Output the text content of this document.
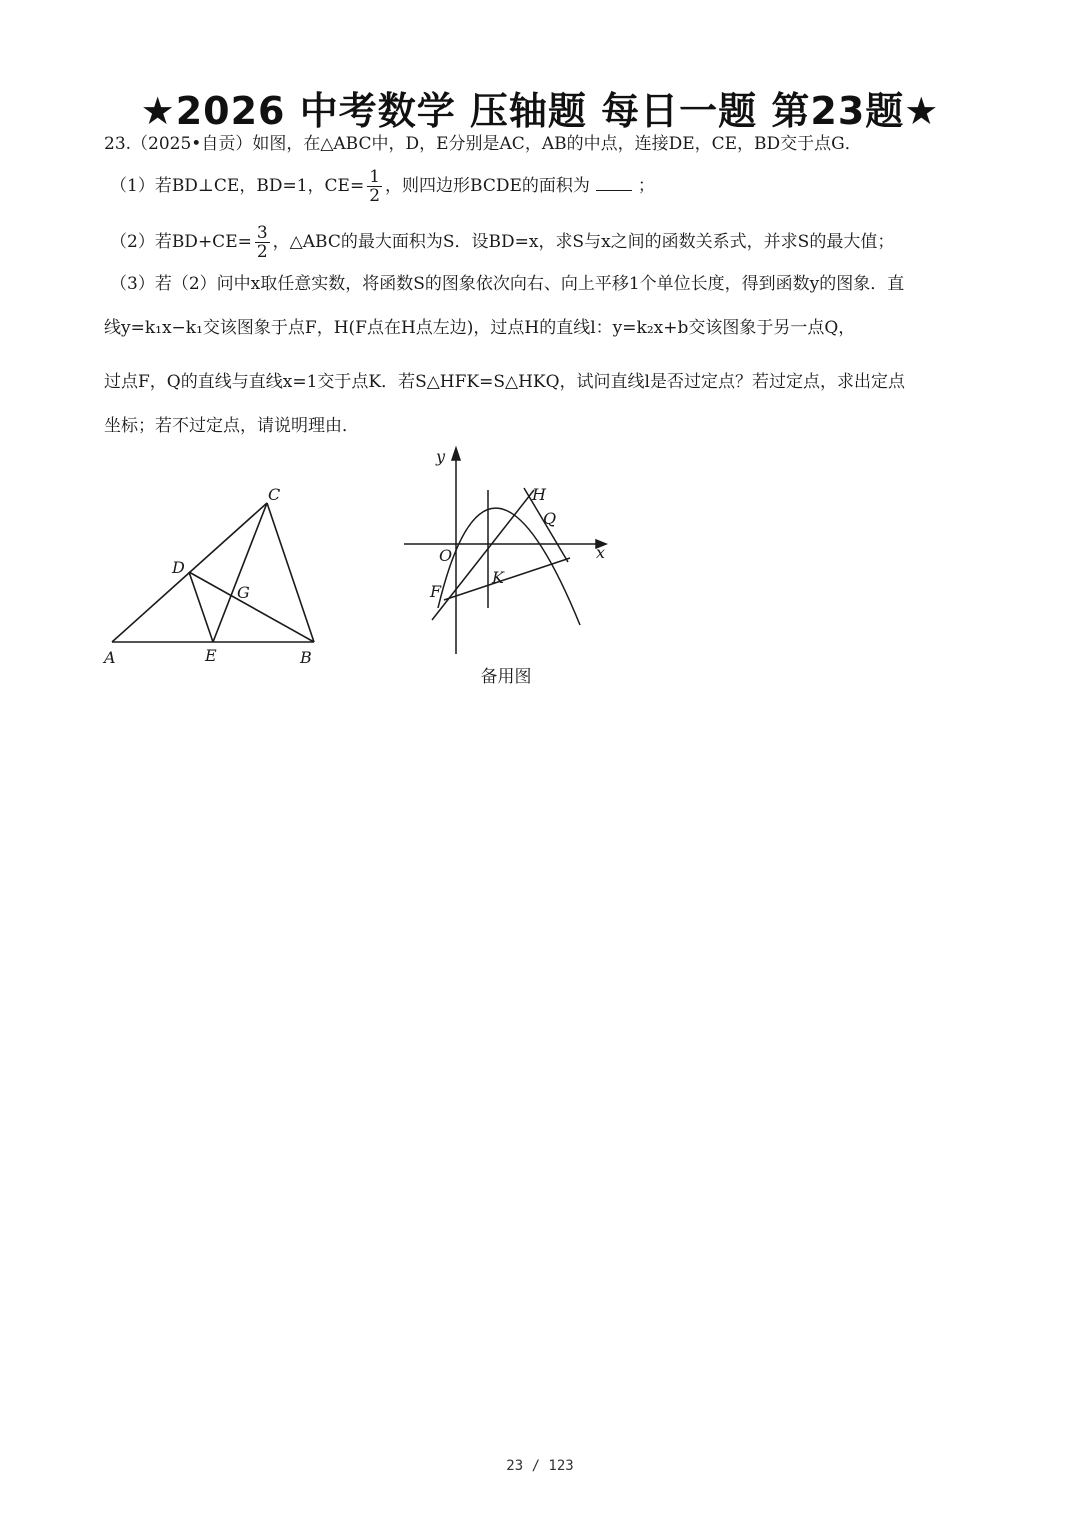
★2026 中考数学 压轴题 每日一题 第23题★
23.（2025•自贡）如图，在△ABC中，D，E分别是AC，AB的中点，连接DE，CE，BD交于点G．
（1）若BD⊥CE，BD=1，$CE= \frac{1}{2}$ ，则四边形BCDE的面积为	；
（2）若$BD+CE= \frac{3}{2}$ ，△ABC的最大面积为S．设BD=x，求S与x之间的函数关系式，并求S的最大值；
（3）若（2）问中x取任意实数，将函数S的图象依次向右、向上平移1个单位长度，得到函数y的图象．直
线y=k₁x−k₁交该图象于点F，H(F点在H点左边)，过点H的直线l：y=k₂x+b交该图象于另一点Q，
过点F，Q的直线与直线x=1交于点K．若S△HFK=S△HKQ，试问直线l是否过定点？若过定点，求出定点
坐标；若不过定点，请说明理由．
A	B
C
D
E
G
y
x
O
H
Q
F
K
备用图
23 / 123
